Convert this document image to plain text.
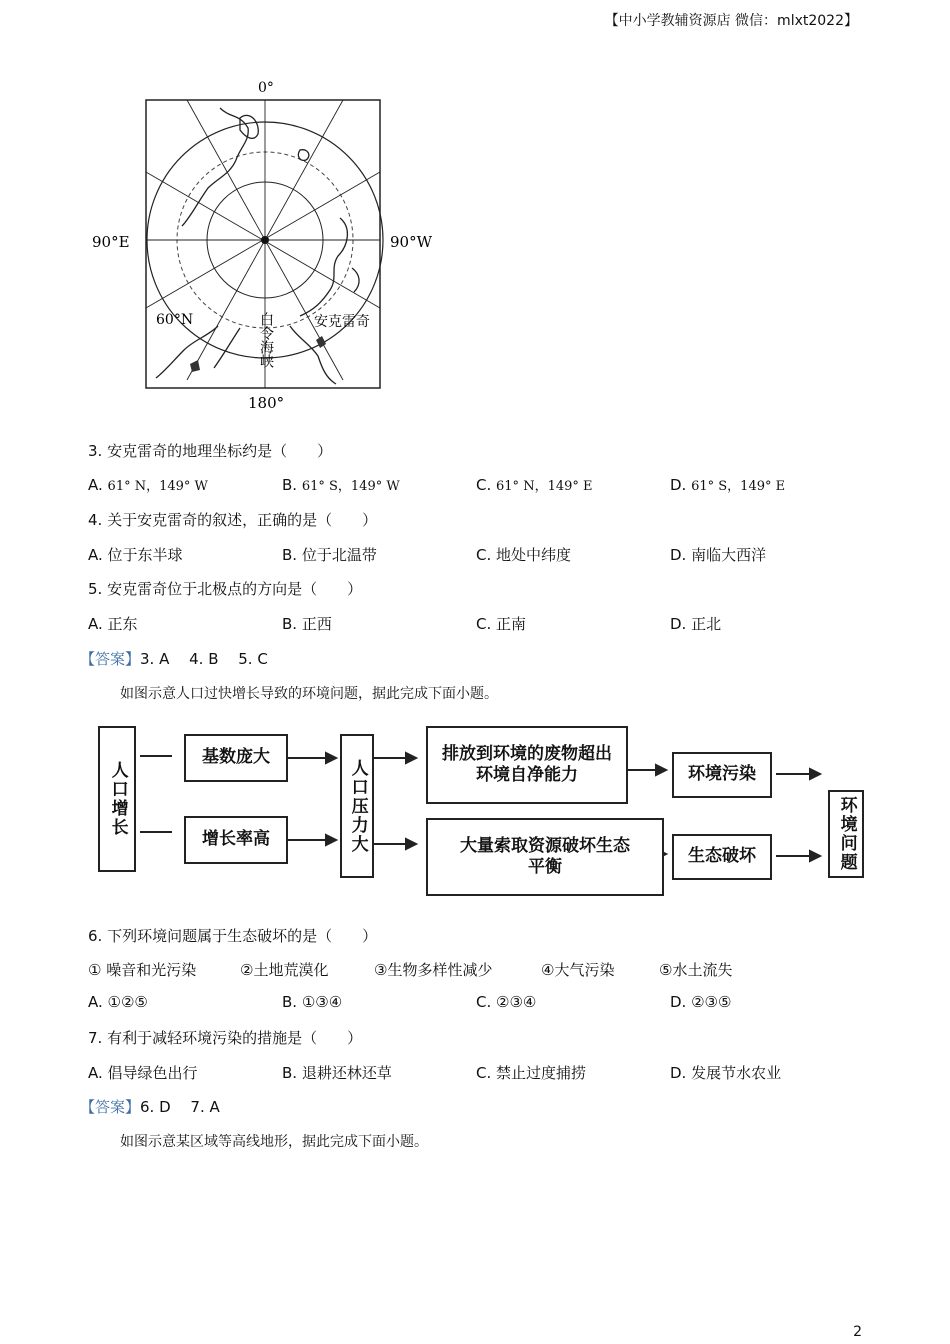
【中小学教辅资源店 微信：mlxt2022】
0°
180°
90°E	90°W
60°N	白令海峡	安克雷奇
3. 安克雷奇的地理坐标约是（　　）
A. 61° N，149° W	B. 61° S，149° W	C. 61° N，149° E	D. 61° S，149° E
4. 关于安克雷奇的叙述，正确的是（　　）
A. 位于东半球	B. 位于北温带	C. 地处中纬度	D. 南临大西洋
5. 安克雷奇位于北极点的方向是（　　）
A. 正东	B. 正西	C. 正南	D. 正北
【答案】3. A　 4. B　 5. C
如图示意人口过快增长导致的环境问题，据此完成下面小题。
人口增长
基数庞大
增长率高	人口压力大
排放到环境的废物超出环境自净能力
大量索取资源破坏生态平衡
环境污染
生态破坏	环境问题
6. 下列环境问题属于生态破坏的是（　　）
① 噪音和光污染	②土地荒漠化	③生物多样性减少	④大气污染	⑤水土流失
A. ①②⑤	B. ①③④	C. ②③④	D. ②③⑤
7. 有利于减轻环境污染的措施是（　　）
A. 倡导绿色出行	B. 退耕还林还草	C. 禁止过度捕捞	D. 发展节水农业
【答案】6. D　 7. A
如图示意某区域等高线地形，据此完成下面小题。
2
